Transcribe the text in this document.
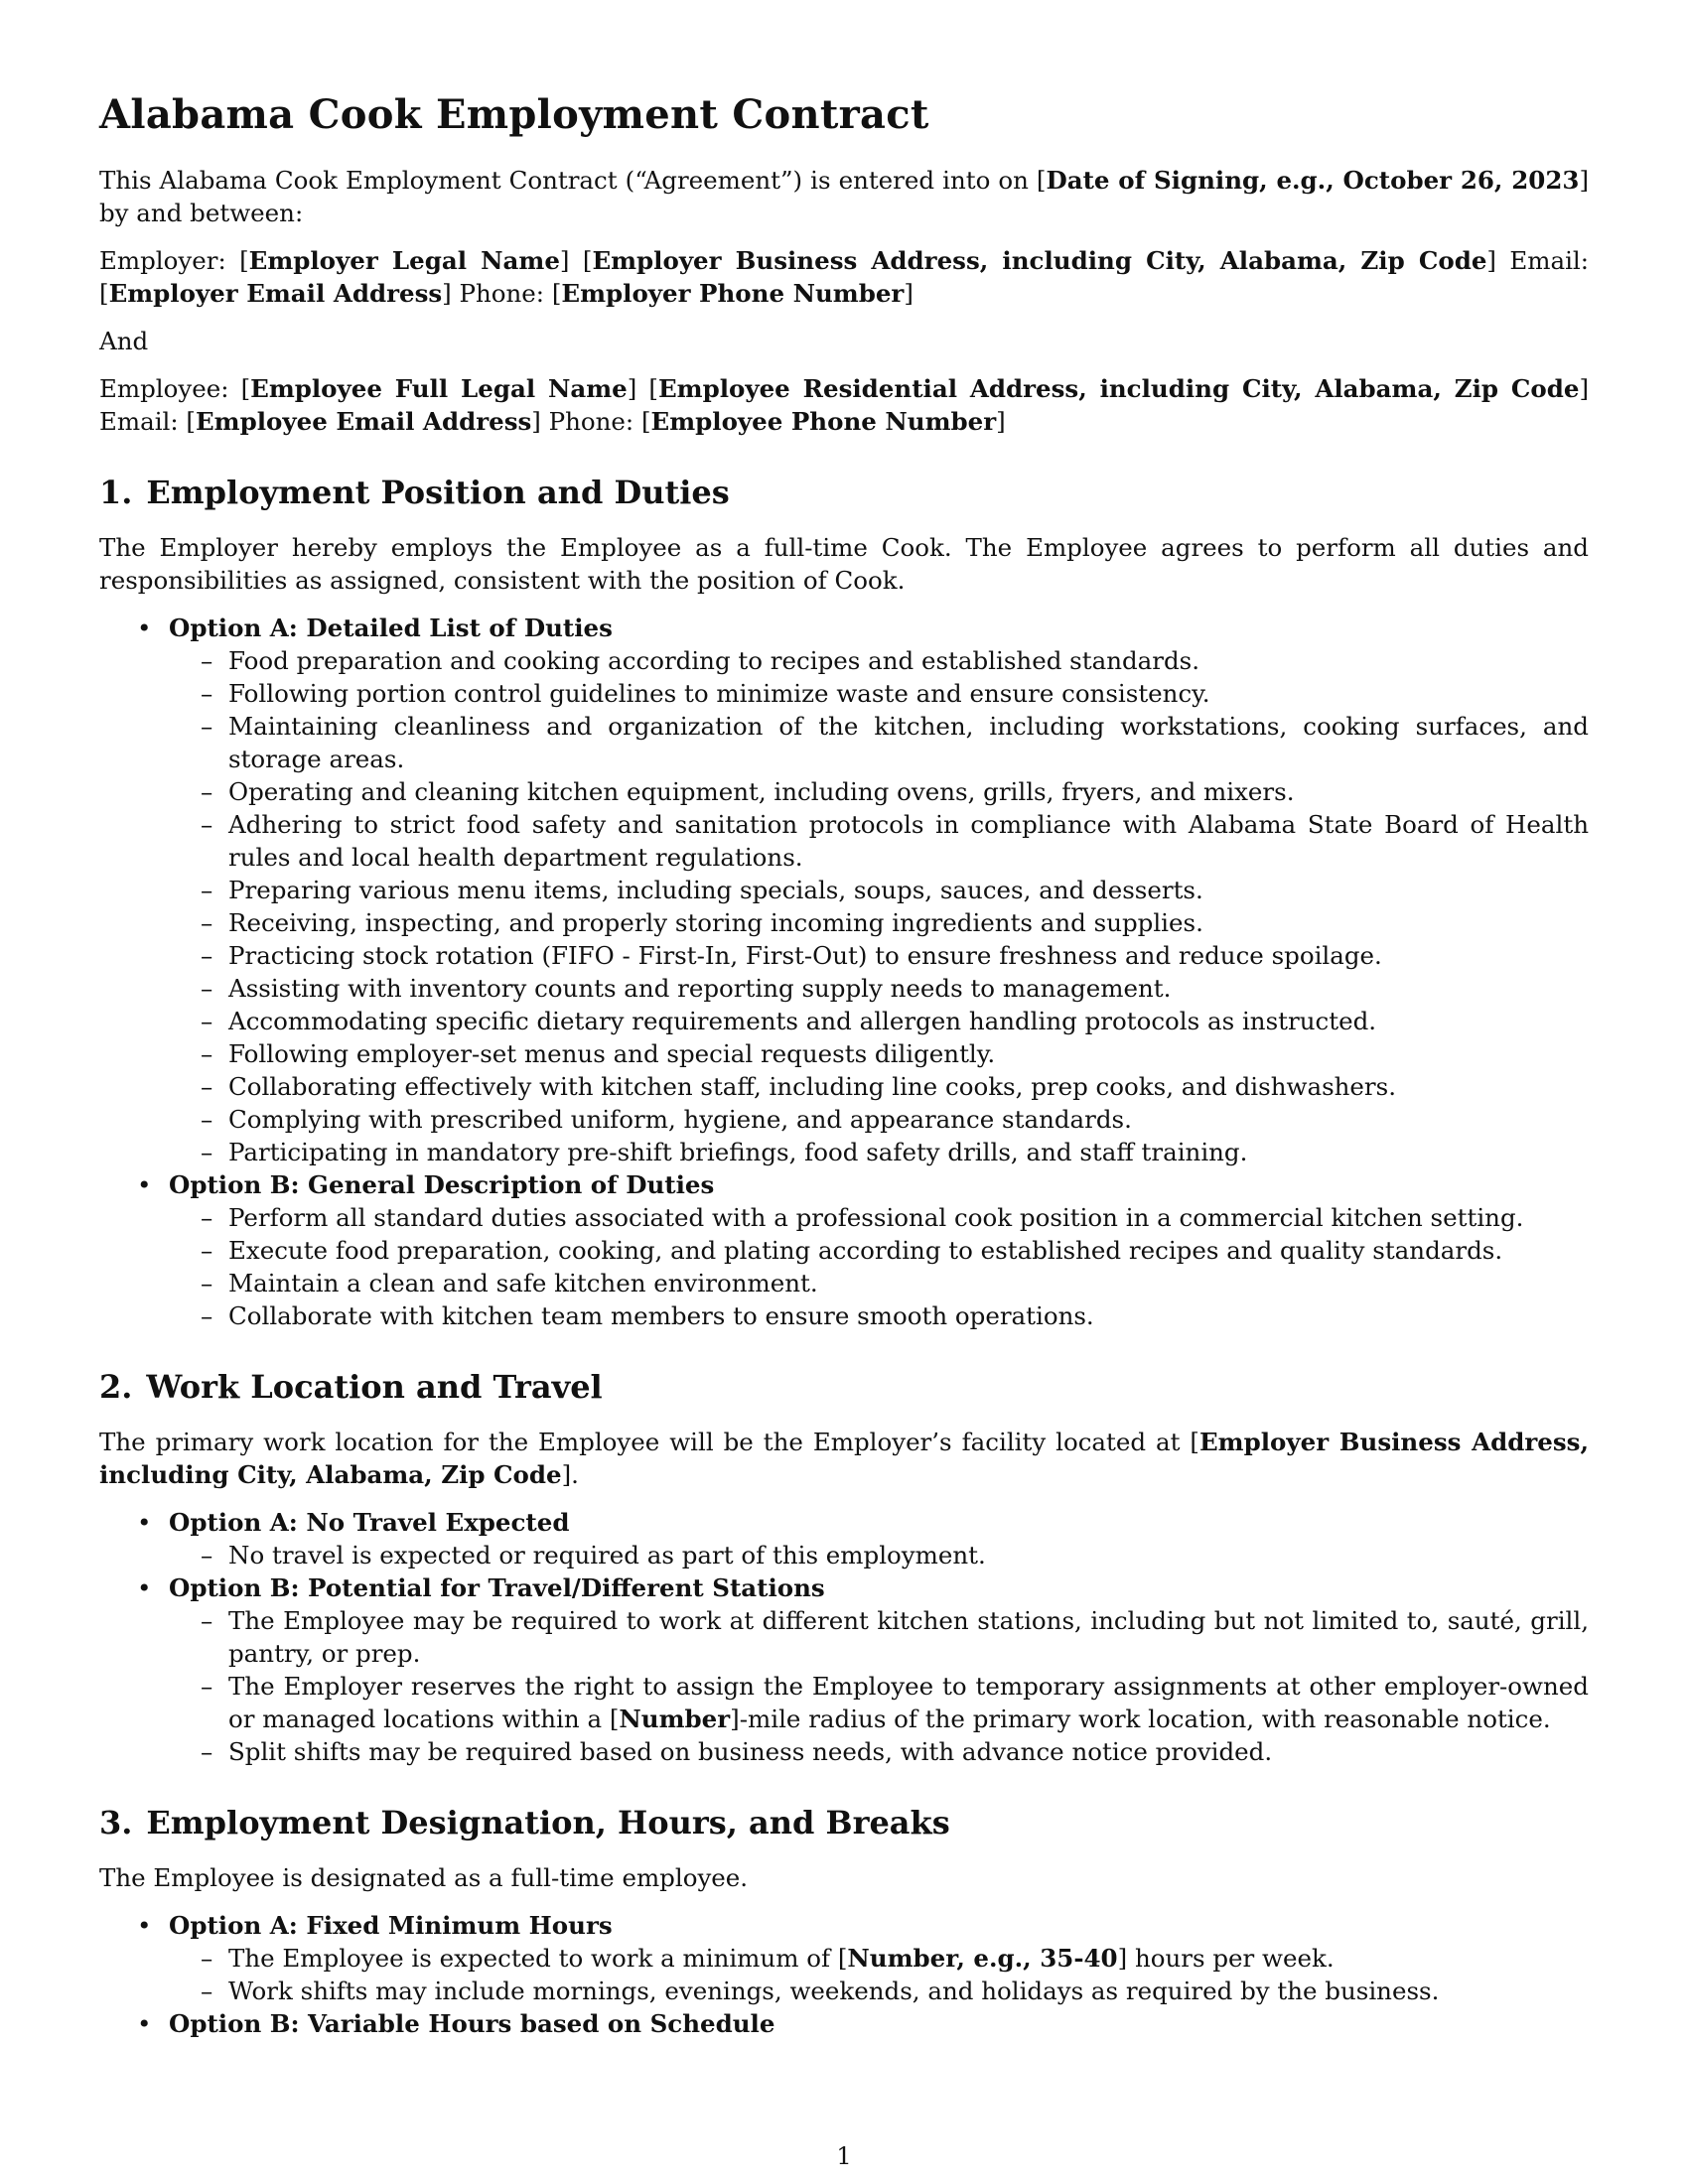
Alabama Cook Employment Contract

This Alabama Cook Employment Contract (“Agreement”) is entered into on [Date of Signing, e.g., October 26, 2023] by and between:

Employer: [Employer Legal Name] [Employer Business Address, including City, Alabama, Zip Code] Email: [Employer Email Address] Phone: [Employer Phone Number]

And

Employee: [Employee Full Legal Name] [Employee Residential Address, including City, Alabama, Zip Code] Email: [Employee Email Address] Phone: [Employee Phone Number]

1. Employment Position and Duties

The Employer hereby employs the Employee as a full-time Cook. The Employee agrees to perform all duties and responsibilities as assigned, consistent with the position of Cook.

• Option A: Detailed List of Duties
– Food preparation and cooking according to recipes and established standards.
– Following portion control guidelines to minimize waste and ensure consistency.
– Maintaining cleanliness and organization of the kitchen, including workstations, cooking surfaces, and storage areas.
– Operating and cleaning kitchen equipment, including ovens, grills, fryers, and mixers.
– Adhering to strict food safety and sanitation protocols in compliance with Alabama State Board of Health rules and local health department regulations.
– Preparing various menu items, including specials, soups, sauces, and desserts.
– Receiving, inspecting, and properly storing incoming ingredients and supplies.
– Practicing stock rotation (FIFO - First-In, First-Out) to ensure freshness and reduce spoilage.
– Assisting with inventory counts and reporting supply needs to management.
– Accommodating specific dietary requirements and allergen handling protocols as instructed.
– Following employer-set menus and special requests diligently.
– Collaborating effectively with kitchen staff, including line cooks, prep cooks, and dishwashers.
– Complying with prescribed uniform, hygiene, and appearance standards.
– Participating in mandatory pre-shift briefings, food safety drills, and staff training.
• Option B: General Description of Duties
– Perform all standard duties associated with a professional cook position in a commercial kitchen setting.
– Execute food preparation, cooking, and plating according to established recipes and quality standards.
– Maintain a clean and safe kitchen environment.
– Collaborate with kitchen team members to ensure smooth operations.
2. Work Location and Travel

The primary work location for the Employee will be the Employer’s facility located at [Employer Business Address, including City, Alabama, Zip Code].

• Option A: No Travel Expected
– No travel is expected or required as part of this employment.
• Option B: Potential for Travel/Different Stations
– The Employee may be required to work at different kitchen stations, including but not limited to, sauté, grill, pantry, or prep.
– The Employer reserves the right to assign the Employee to temporary assignments at other employer-owned or managed locations within a [Number]-mile radius of the primary work location, with reasonable notice.
– Split shifts may be required based on business needs, with advance notice provided.
3. Employment Designation, Hours, and Breaks

The Employee is designated as a full-time employee.

• Option A: Fixed Minimum Hours
– The Employee is expected to work a minimum of [Number, e.g., 35-40] hours per week.
– Work shifts may include mornings, evenings, weekends, and holidays as required by the business.
• Option B: Variable Hours based on Schedule
1
